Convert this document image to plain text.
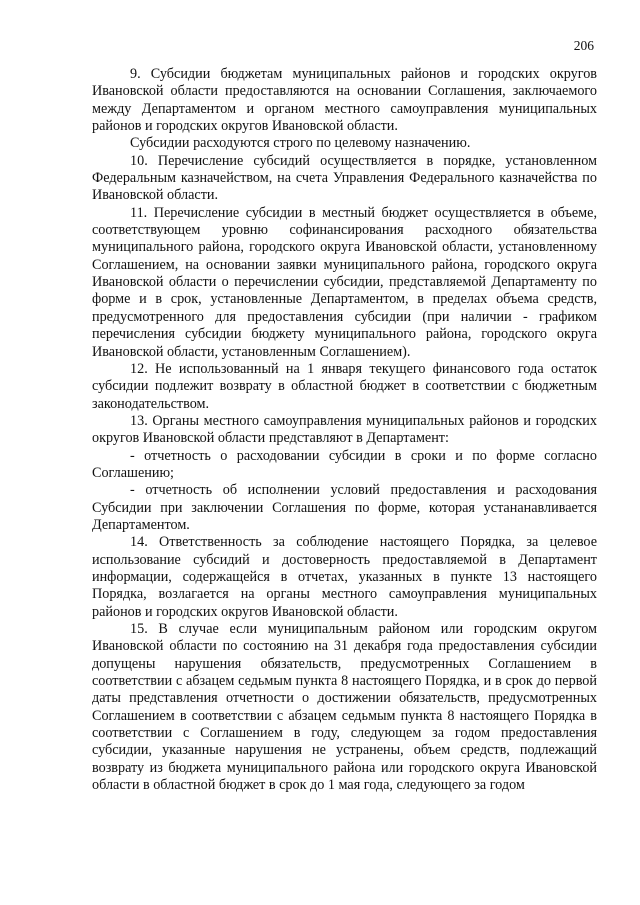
206

9. Субсидии бюджетам муниципальных районов и городских округов Ивановской области предоставляются на основании Соглашения, заключаемого между Департаментом и органом местного самоуправления муниципальных районов и городских округов Ивановской области.

Субсидии расходуются строго по целевому назначению.

10. Перечисление субсидий осуществляется в порядке, установленном Федеральным казначейством, на счета Управления Федерального казначейства по Ивановской области.

11. Перечисление субсидии в местный бюджет осуществляется в объеме, соответствующем уровню софинансирования расходного обязательства муниципального района, городского округа Ивановской области, установленному Соглашением, на основании заявки муниципального района, городского округа Ивановской области о перечислении субсидии, представляемой Департаменту по форме и в срок, установленные Департаментом, в пределах объема средств, предусмотренного для предоставления субсидии (при наличии - графиком перечисления субсидии бюджету муниципального района, городского округа Ивановской области, установленным Соглашением).

12. Не использованный на 1 января текущего финансового года остаток субсидии подлежит возврату в областной бюджет в соответствии с бюджетным законодательством.

13. Органы местного самоуправления муниципальных районов и городских округов Ивановской области представляют в Департамент:

- отчетность о расходовании субсидии в сроки и по форме согласно Соглашению;

- отчетность об исполнении условий предоставления и расходования Субсидии при заключении Соглашения по форме, которая устананавливается Департаментом.

14. Ответственность за соблюдение настоящего Порядка, за целевое использование субсидий и достоверность предоставляемой в Департамент информации, содержащейся в отчетах, указанных в пункте 13 настоящего Порядка, возлагается на органы местного самоуправления муниципальных районов и городских округов Ивановской области.

15. В случае если муниципальным районом или городским округом Ивановской области по состоянию на 31 декабря года предоставления субсидии допущены нарушения обязательств, предусмотренных Соглашением в соответствии с абзацем седьмым пункта 8 настоящего Порядка, и в срок до первой даты представления отчетности о достижении обязательств, предусмотренных Соглашением в соответствии с абзацем седьмым пункта 8 настоящего Порядка в соответствии с Соглашением в году, следующем за годом предоставления субсидии, указанные нарушения не устранены, объем средств, подлежащий возврату из бюджета муниципального района или городского округа Ивановской области в областной бюджет в срок до 1 мая года, следующего за годом
